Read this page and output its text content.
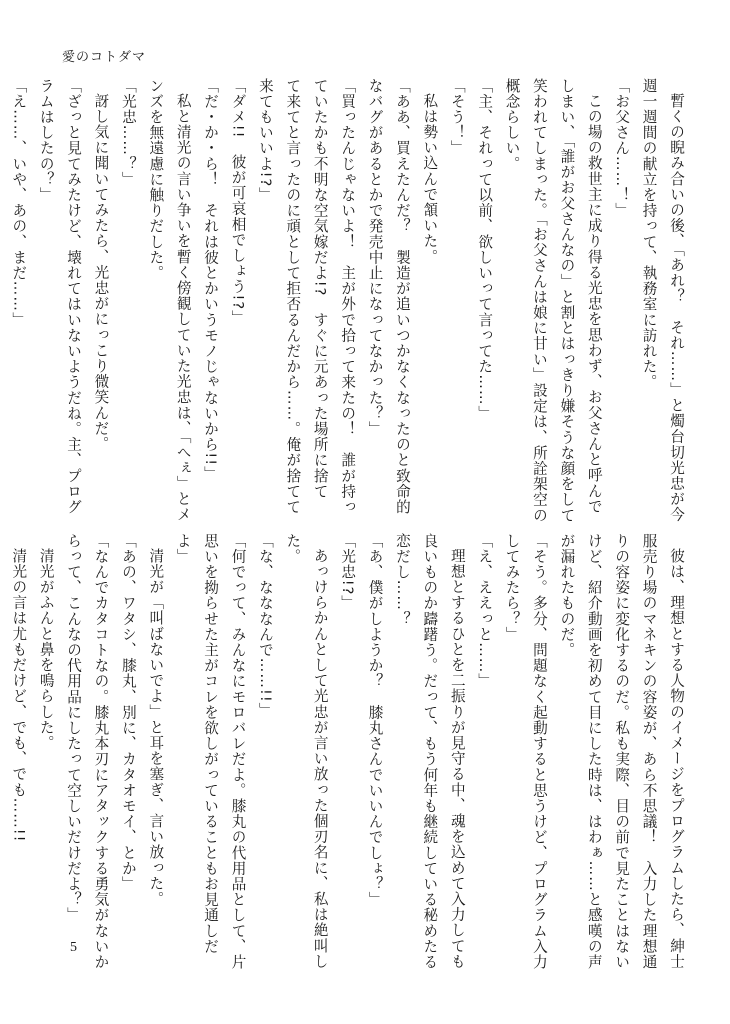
愛のコトダマ
暫くの睨み合いの後、「あれ？　それ……」と燭台切光忠が今
週一週間の献立を持って、執務室に訪れた。
「お父さん……！」
この場の救世主に成り得る光忠を思わず、お父さんと呼んで
しまい、「誰がお父さんなの」と割とはっきり嫌そうな顔をして
笑われてしまった。「お父さんは娘に甘い」設定は、所詮架空の
概念らしい。
「主、それって以前、欲しいって言ってた……」
「そう！」
私は勢い込んで頷いた。
「ああ、買えたんだ？　製造が追いつかなくなったのと致命的
なバグがあるとかで発売中止になってなかった？」
「買ったんじゃないよ！　主が外で拾って来たの！　誰が持っ
ていたかも不明な空気嫁だよ!?　すぐに元あった場所に捨て
て来てと言ったのに頑として拒否るんだから……。俺が捨てて
来てもいいよ!?」
「ダメ!!　彼が可哀相でしょう!?」
「だ・か・ら！　それは彼とかいうモノじゃないから!!」
私と清光の言い争いを暫く傍観していた光忠は、「へぇ」とメ
ンズを無遠慮に触りだした。
「光忠……？」
訝し気に聞いてみたら、光忠がにっこり微笑んだ。
「ざっと見てみたけど、壊れてはいないようだね。主、プログ
ラムはしたの？」
「え……、いや、あの、まだ……」
彼は、理想とする人物のイメージをプログラムしたら、紳士
服売り場のマネキンの容姿が、あら不思議！　入力した理想通
りの容姿に変化するのだ。私も実際、目の前で見たことはない
けど、紹介動画を初めて目にした時は、はわぁ……と感嘆の声
が漏れたものだ。
「そう。多分、問題なく起動すると思うけど、プログラム入力
してみたら？」
「え、ええっと……」
理想とするひとを二振りが見守る中、魂を込めて入力しても
良いものか躊躇う。だって、もう何年も継続している秘めたる
恋だし……？
「あ、僕がしようか？　膝丸さんでいいんでしょ？」
「光忠!?」
あっけらかんとして光忠が言い放った個刃名に、私は絶叫し
た。
「な、なななんで……!!」
「何でって、みんなにモロバレだよ。膝丸の代用品として、片
思いを拗らせた主がコレを欲しがっていることもお見通しだ
よ」
清光が「叫ばないでよ」と耳を塞ぎ、言い放った。
「あの、ワタシ、膝丸、別に、カタオモイ、とか」
「なんでカタコトなの。膝丸本刃にアタックする勇気がないか
らって、こんなの代用品にしたって空しいだけだよ？」
清光がふんと鼻を鳴らした。
清光の言は尤もだけど、でも、でも……!!
5
